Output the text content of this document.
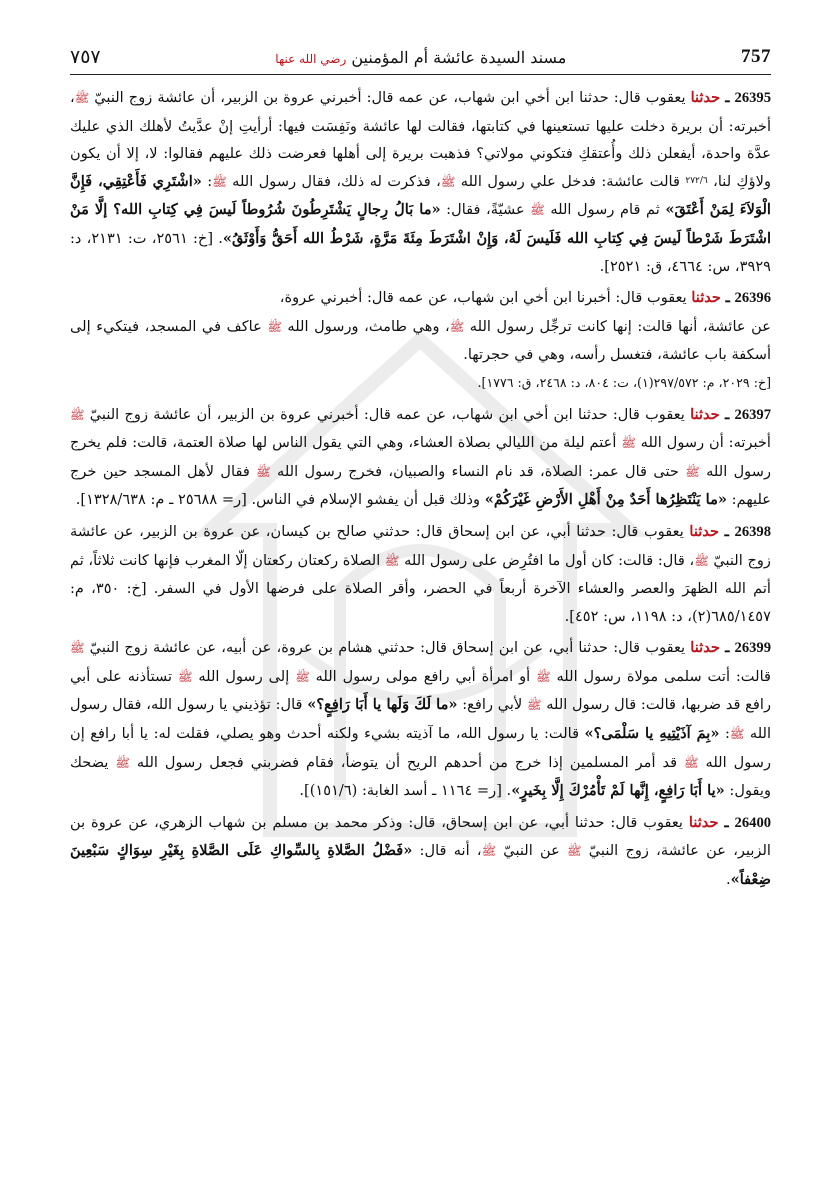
٧٥٧	مسند السيدة عائشة أم المؤمنين رضي الله عنها	757

26395 ـ حدثنا يعقوب قال: حدثنا ابن أخي ابن شهاب، عن عمه قال: أخبرني عروة بن الزبير، أن عائشة زوج النبيّ ﷺ، أخبرته: أن بريرة دخلت عليها تستعينها في كتابتها، فقالت لها عائشة ونَفِسَت فيها: أرأيتِ إنْ عدَّيتُ لأهلك الذي عليك عدَّة واحدة، أيفعلن ذلك وأُعتقكِ فتكوني مولاتي؟ فذهبت بريرة إلى أهلها فعرضت ذلك عليهم فقالوا: لا، إلا أن يكون ولاؤكِ لنا، ٢٧٢/٦ قالت عائشة: فدخل علي رسول الله ﷺ، فذكرت له ذلك، فقال رسول الله ﷺ: «اشْتَرِي فَأَعْتِقِي، فَإِنَّ الْوَلاَءَ لِمَنْ أَعْتَقَ» ثم قام رسول الله ﷺ عشيّةً، فقال: «ما بَالُ رِجالٍ يَشْتَرِطُونَ شُرُوطاً لَيسَ فِي كِتابِ الله؟ إلَّا مَنْ اشْتَرَطَ شَرْطاً لَيسَ فِي كِتابِ الله فَلَيسَ لَهُ، وَإِنْ اشْتَرَطَ مِئَةَ مَرَّةٍ، شَرْطُ الله أَحَقُّ وَأَوْثَقُ». [خ: ٢٥٦١، ت: ٢١٣١، د: ٣٩٢٩، س: ٤٦٦٤، ق: ٢٥٢١].

26396 ـ حدثنا يعقوب قال: أخبرنا ابن أخي ابن شهاب، عن عمه قال: أخبرني عروة،

عن عائشة، أنها قالت: إنها كانت ترجِّل رسول الله ﷺ، وهي طامث، ورسول الله ﷺ عاكف في المسجد، فيتكيء إلى أسكفة باب عائشة، فتغسل رأسه، وهي في حجرتها.

[خ: ٢٠٢٩، م: ٢٩٧/٥٧٢(١)، ت: ٨٠٤، د: ٢٤٦٨، ق: ١٧٧٦].

26397 ـ حدثنا يعقوب قال: حدثنا ابن أخي ابن شهاب، عن عمه قال: أخبرني عروة بن الزبير، أن عائشة زوج النبيّ ﷺ أخبرته: أن رسول الله ﷺ أعتم ليلة من الليالي بصلاة العشاء، وهي التي يقول الناس لها صلاة العتمة، قالت: فلم يخرج رسول الله ﷺ حتى قال عمر: الصلاة، قد نام النساء والصبيان، فخرج رسول الله ﷺ فقال لأهل المسجد حين خرج عليهم: «ما يَنْتَظِرُها أَحَدٌ مِنْ أَهْلِ الأَرْضِ غَيْرَكُمْ» وذلك قبل أن يفشو الإسلام في الناس. [ر= ٢٥٦٨٨ ـ م: ١٣٢٨/٦٣٨].

26398 ـ حدثنا يعقوب قال: حدثنا أبي، عن ابن إسحاق قال: حدثني صالح بن كيسان، عن عروة بن الزبير، عن عائشة زوج النبيّ ﷺ، قال: قالت: كان أول ما افتُرِض على رسول الله ﷺ الصلاة ركعتان ركعتان إلّا المغرب فإنها كانت ثلاثاً، ثم أتم الله الظهرَ والعصر والعشاء الآخرة أربعاً في الحضر، وأقر الصلاة على فرضها الأول في السفر. [خ: ٣٥٠، م: ٦٨٥/١٤٥٧(٢)، د: ١١٩٨، س: ٤٥٢].

26399 ـ حدثنا يعقوب قال: حدثنا أبي، عن ابن إسحاق قال: حدثني هشام بن عروة، عن أبيه، عن عائشة زوج النبيّ ﷺ قالت: أتت سلمى مولاة رسول الله ﷺ أو امرأة أبي رافع مولى رسول الله ﷺ إلى رسول الله ﷺ تستأذنه على أبي رافع قد ضربها، قالت: قال رسول الله ﷺ لأبي رافع: «ما لَكَ وَلَها يا أَبَا رَافِعٍ؟» قال: تؤذيني يا رسول الله، فقال رسول الله ﷺ: «بِمَ آذَيْتِيهِ يا سَلْمَى؟» قالت: يا رسول الله، ما آذيته بشيء ولكنه أحدث وهو يصلي، فقلت له: يا أبا رافع إن رسول الله ﷺ قد أمر المسلمين إذا خرج من أحدهم الريح أن يتوضأ، فقام فضربني فجعل رسول الله ﷺ يضحك ويقول: «يا أَبَا رَافِعٍ، إِنَّها لَمْ تَأْمُرْكَ إِلَّا بِخَيرٍ». [ر= ١١٦٤ ـ أسد الغابة: (١٥١/٦)].

26400 ـ حدثنا يعقوب قال: حدثنا أبي، عن ابن إسحاق، قال: وذكر محمد بن مسلم بن شهاب الزهري، عن عروة بن الزبير، عن عائشة، زوج النبيّ ﷺ عن النبيّ ﷺ، أنه قال: «فَضْلُ الصَّلاةِ بِالسِّواكِ عَلَى الصَّلاةِ بِغَيْرِ سِوَاكٍ سَبْعِينَ ضِعْفاً».
